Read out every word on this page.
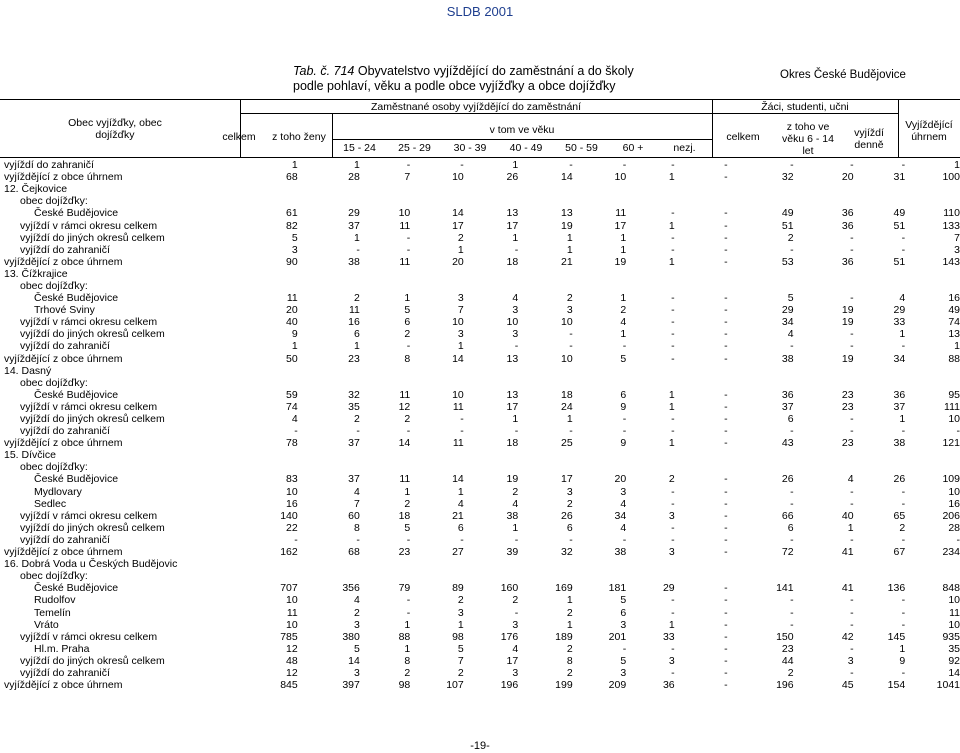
SLDB 2001
Tab. č. 714 Obyvatelstvo vyjíždějící do zaměstnání a do školy
podle pohlaví, věku a podle obce vyjížďky a obce dojížďky
Okres České Budějovice
Obec vyjížďky, obec dojížďky
Zaměstnané osoby vyjíždějící do zaměstnání	Žáci, studenti, učni
celkem	z toho ženy
v tom ve věku
15 - 24	25 - 29	30 - 39	40 - 49	50 - 59	60 +	nezj.
celkem
z toho ve věku 6 - 14 let
vyjíždí denně
Vyjíždějící úhrnem
vyjíždí do zahraničí	1	1	-	-	1	-	-	-	-	-	-	-	1
vyjíždějící z obce úhrnem	68	28	7	10	26	14	10	1	-	32	20	31	100
12. Čejkovice													
obec dojížďky:													
České Budějovice	61	29	10	14	13	13	11	-	-	49	36	49	110
vyjíždí v rámci okresu celkem	82	37	11	17	17	19	17	1	-	51	36	51	133
vyjíždí do jiných okresů celkem	5	1	-	2	1	1	1	-	-	2	-	-	7
vyjíždí do zahraničí	3	-	-	1	-	1	1	-	-	-	-	-	3
vyjíždějící z obce úhrnem	90	38	11	20	18	21	19	1	-	53	36	51	143
13. Čížkrajice													
obec dojížďky:													
České Budějovice	11	2	1	3	4	2	1	-	-	5	-	4	16
Trhové Sviny	20	11	5	7	3	3	2	-	-	29	19	29	49
vyjíždí v rámci okresu celkem	40	16	6	10	10	10	4	-	-	34	19	33	74
vyjíždí do jiných okresů celkem	9	6	2	3	3	-	1	-	-	4	-	1	13
vyjíždí do zahraničí	1	1	-	1	-	-	-	-	-	-	-	-	1
vyjíždějící z obce úhrnem	50	23	8	14	13	10	5	-	-	38	19	34	88
14. Dasný													
obec dojížďky:													
České Budějovice	59	32	11	10	13	18	6	1	-	36	23	36	95
vyjíždí v rámci okresu celkem	74	35	12	11	17	24	9	1	-	37	23	37	111
vyjíždí do jiných okresů celkem	4	2	2	-	1	1	-	-	-	6	-	1	10
vyjíždí do zahraničí	-	-	-	-	-	-	-	-	-	-	-	-	-
vyjíždějící z obce úhrnem	78	37	14	11	18	25	9	1	-	43	23	38	121
15. Dívčice													
obec dojížďky:													
České Budějovice	83	37	11	14	19	17	20	2	-	26	4	26	109
Mydlovary	10	4	1	1	2	3	3	-	-	-	-	-	10
Sedlec	16	7	2	4	4	2	4	-	-	-	-	-	16
vyjíždí v rámci okresu celkem	140	60	18	21	38	26	34	3	-	66	40	65	206
vyjíždí do jiných okresů celkem	22	8	5	6	1	6	4	-	-	6	1	2	28
vyjíždí do zahraničí	-	-	-	-	-	-	-	-	-	-	-	-	-
vyjíždějící z obce úhrnem	162	68	23	27	39	32	38	3	-	72	41	67	234
16. Dobrá Voda u Českých Budějovic													
obec dojížďky:													
České Budějovice	707	356	79	89	160	169	181	29	-	141	41	136	848
Rudolfov	10	4	-	2	2	1	5	-	-	-	-	-	10
Temelín	11	2	-	3	-	2	6	-	-	-	-	-	11
Vráto	10	3	1	1	3	1	3	1	-	-	-	-	10
vyjíždí v rámci okresu celkem	785	380	88	98	176	189	201	33	-	150	42	145	935
Hl.m. Praha	12	5	1	5	4	2	-	-	-	23	-	1	35
vyjíždí do jiných okresů celkem	48	14	8	7	17	8	5	3	-	44	3	9	92
vyjíždí do zahraničí	12	3	2	2	3	2	3	-	-	2	-	-	14
vyjíždějící z obce úhrnem	845	397	98	107	196	199	209	36	-	196	45	154	1041
-19-
